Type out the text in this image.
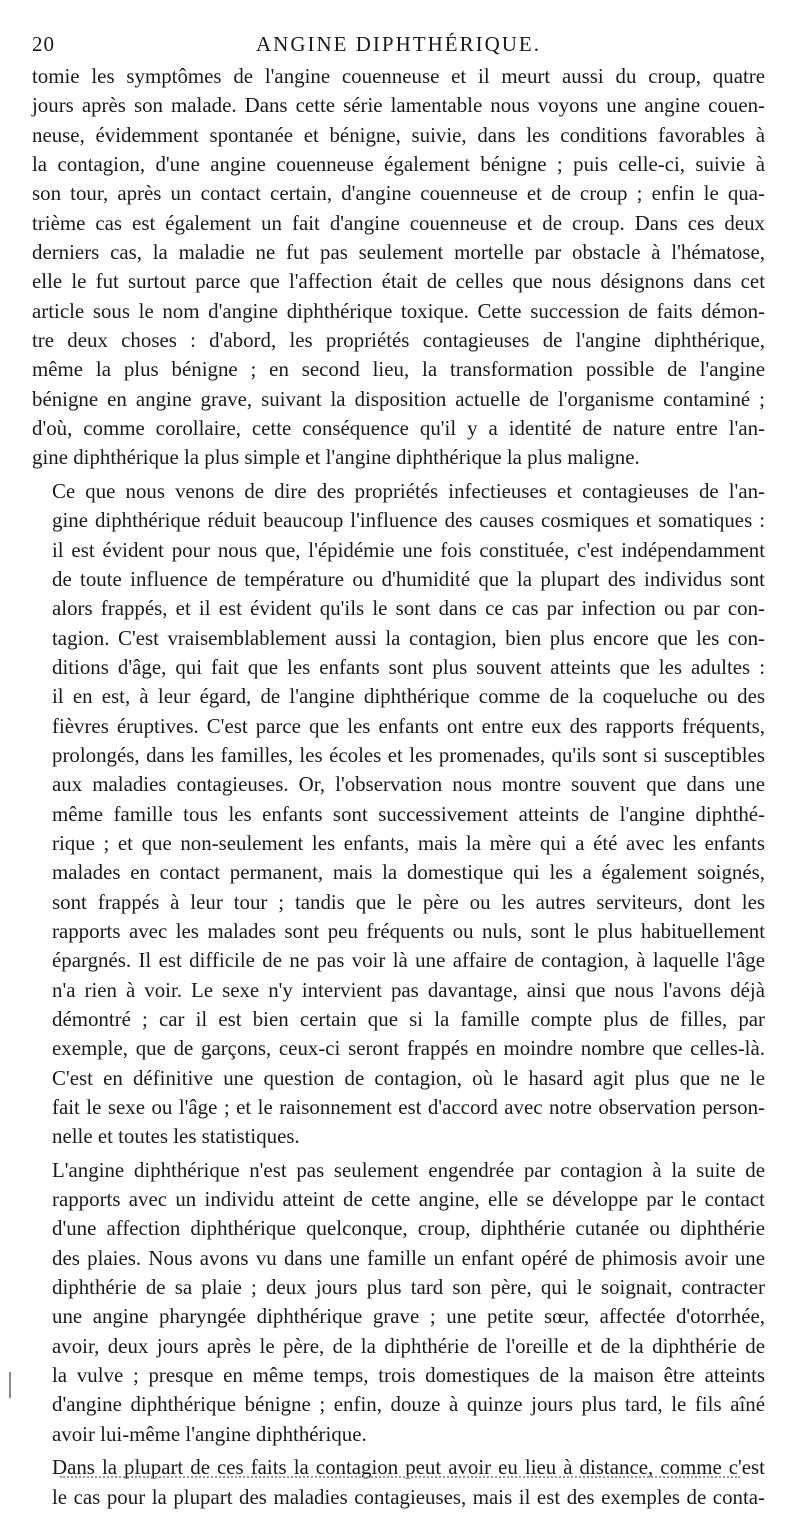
20	ANGINE DIPHTHÉRIQUE.

tomie les symptômes de l'angine couenneuse et il meurt aussi du croup, quatre
jours après son malade. Dans cette série lamentable nous voyons une angine couen-
neuse, évidemment spontanée et bénigne, suivie, dans les conditions favorables à
la contagion, d'une angine couenneuse également bénigne ; puis celle-ci, suivie à
son tour, après un contact certain, d'angine couenneuse et de croup ; enfin le qua-
trième cas est également un fait d'angine couenneuse et de croup. Dans ces deux
derniers cas, la maladie ne fut pas seulement mortelle par obstacle à l'hématose,
elle le fut surtout parce que l'affection était de celles que nous désignons dans cet
article sous le nom d'angine diphthérique toxique. Cette succession de faits démon-
tre deux choses : d'abord, les propriétés contagieuses de l'angine diphthérique,
même la plus bénigne ; en second lieu, la transformation possible de l'angine
bénigne en angine grave, suivant la disposition actuelle de l'organisme contaminé ;
d'où, comme corollaire, cette conséquence qu'il y a identité de nature entre l'an-
gine diphthérique la plus simple et l'angine diphthérique la plus maligne.

Ce que nous venons de dire des propriétés infectieuses et contagieuses de l'an-
gine diphthérique réduit beaucoup l'influence des causes cosmiques et somatiques :
il est évident pour nous que, l'épidémie une fois constituée, c'est indépendamment
de toute influence de température ou d'humidité que la plupart des individus sont
alors frappés, et il est évident qu'ils le sont dans ce cas par infection ou par con-
tagion. C'est vraisemblablement aussi la contagion, bien plus encore que les con-
ditions d'âge, qui fait que les enfants sont plus souvent atteints que les adultes :
il en est, à leur égard, de l'angine diphthérique comme de la coqueluche ou des
fièvres éruptives. C'est parce que les enfants ont entre eux des rapports fréquents,
prolongés, dans les familles, les écoles et les promenades, qu'ils sont si susceptibles
aux maladies contagieuses. Or, l'observation nous montre souvent que dans une
même famille tous les enfants sont successivement atteints de l'angine diphthé-
rique ; et que non-seulement les enfants, mais la mère qui a été avec les enfants
malades en contact permanent, mais la domestique qui les a également soignés,
sont frappés à leur tour ; tandis que le père ou les autres serviteurs, dont les
rapports avec les malades sont peu fréquents ou nuls, sont le plus habituellement
épargnés. Il est difficile de ne pas voir là une affaire de contagion, à laquelle l'âge
n'a rien à voir. Le sexe n'y intervient pas davantage, ainsi que nous l'avons déjà
démontré ; car il est bien certain que si la famille compte plus de filles, par
exemple, que de garçons, ceux-ci seront frappés en moindre nombre que celles-là.
C'est en définitive une question de contagion, où le hasard agit plus que ne le
fait le sexe ou l'âge ; et le raisonnement est d'accord avec notre observation person-
nelle et toutes les statistiques.

L'angine diphthérique n'est pas seulement engendrée par contagion à la suite de
rapports avec un individu atteint de cette angine, elle se développe par le contact
d'une affection diphthérique quelconque, croup, diphthérie cutanée ou diphthérie
des plaies. Nous avons vu dans une famille un enfant opéré de phimosis avoir une
diphthérie de sa plaie ; deux jours plus tard son père, qui le soignait, contracter
une angine pharyngée diphthérique grave ; une petite sœur, affectée d'otorrhée,
avoir, deux jours après le père, de la diphthérie de l'oreille et de la diphthérie de
la vulve ; presque en même temps, trois domestiques de la maison être atteints
d'angine diphthérique bénigne ; enfin, douze à quinze jours plus tard, le fils aîné
avoir lui-même l'angine diphthérique.

Dans la plupart de ces faits la contagion peut avoir eu lieu à distance, comme c'est
le cas pour la plupart des maladies contagieuses, mais il est des exemples de conta-
